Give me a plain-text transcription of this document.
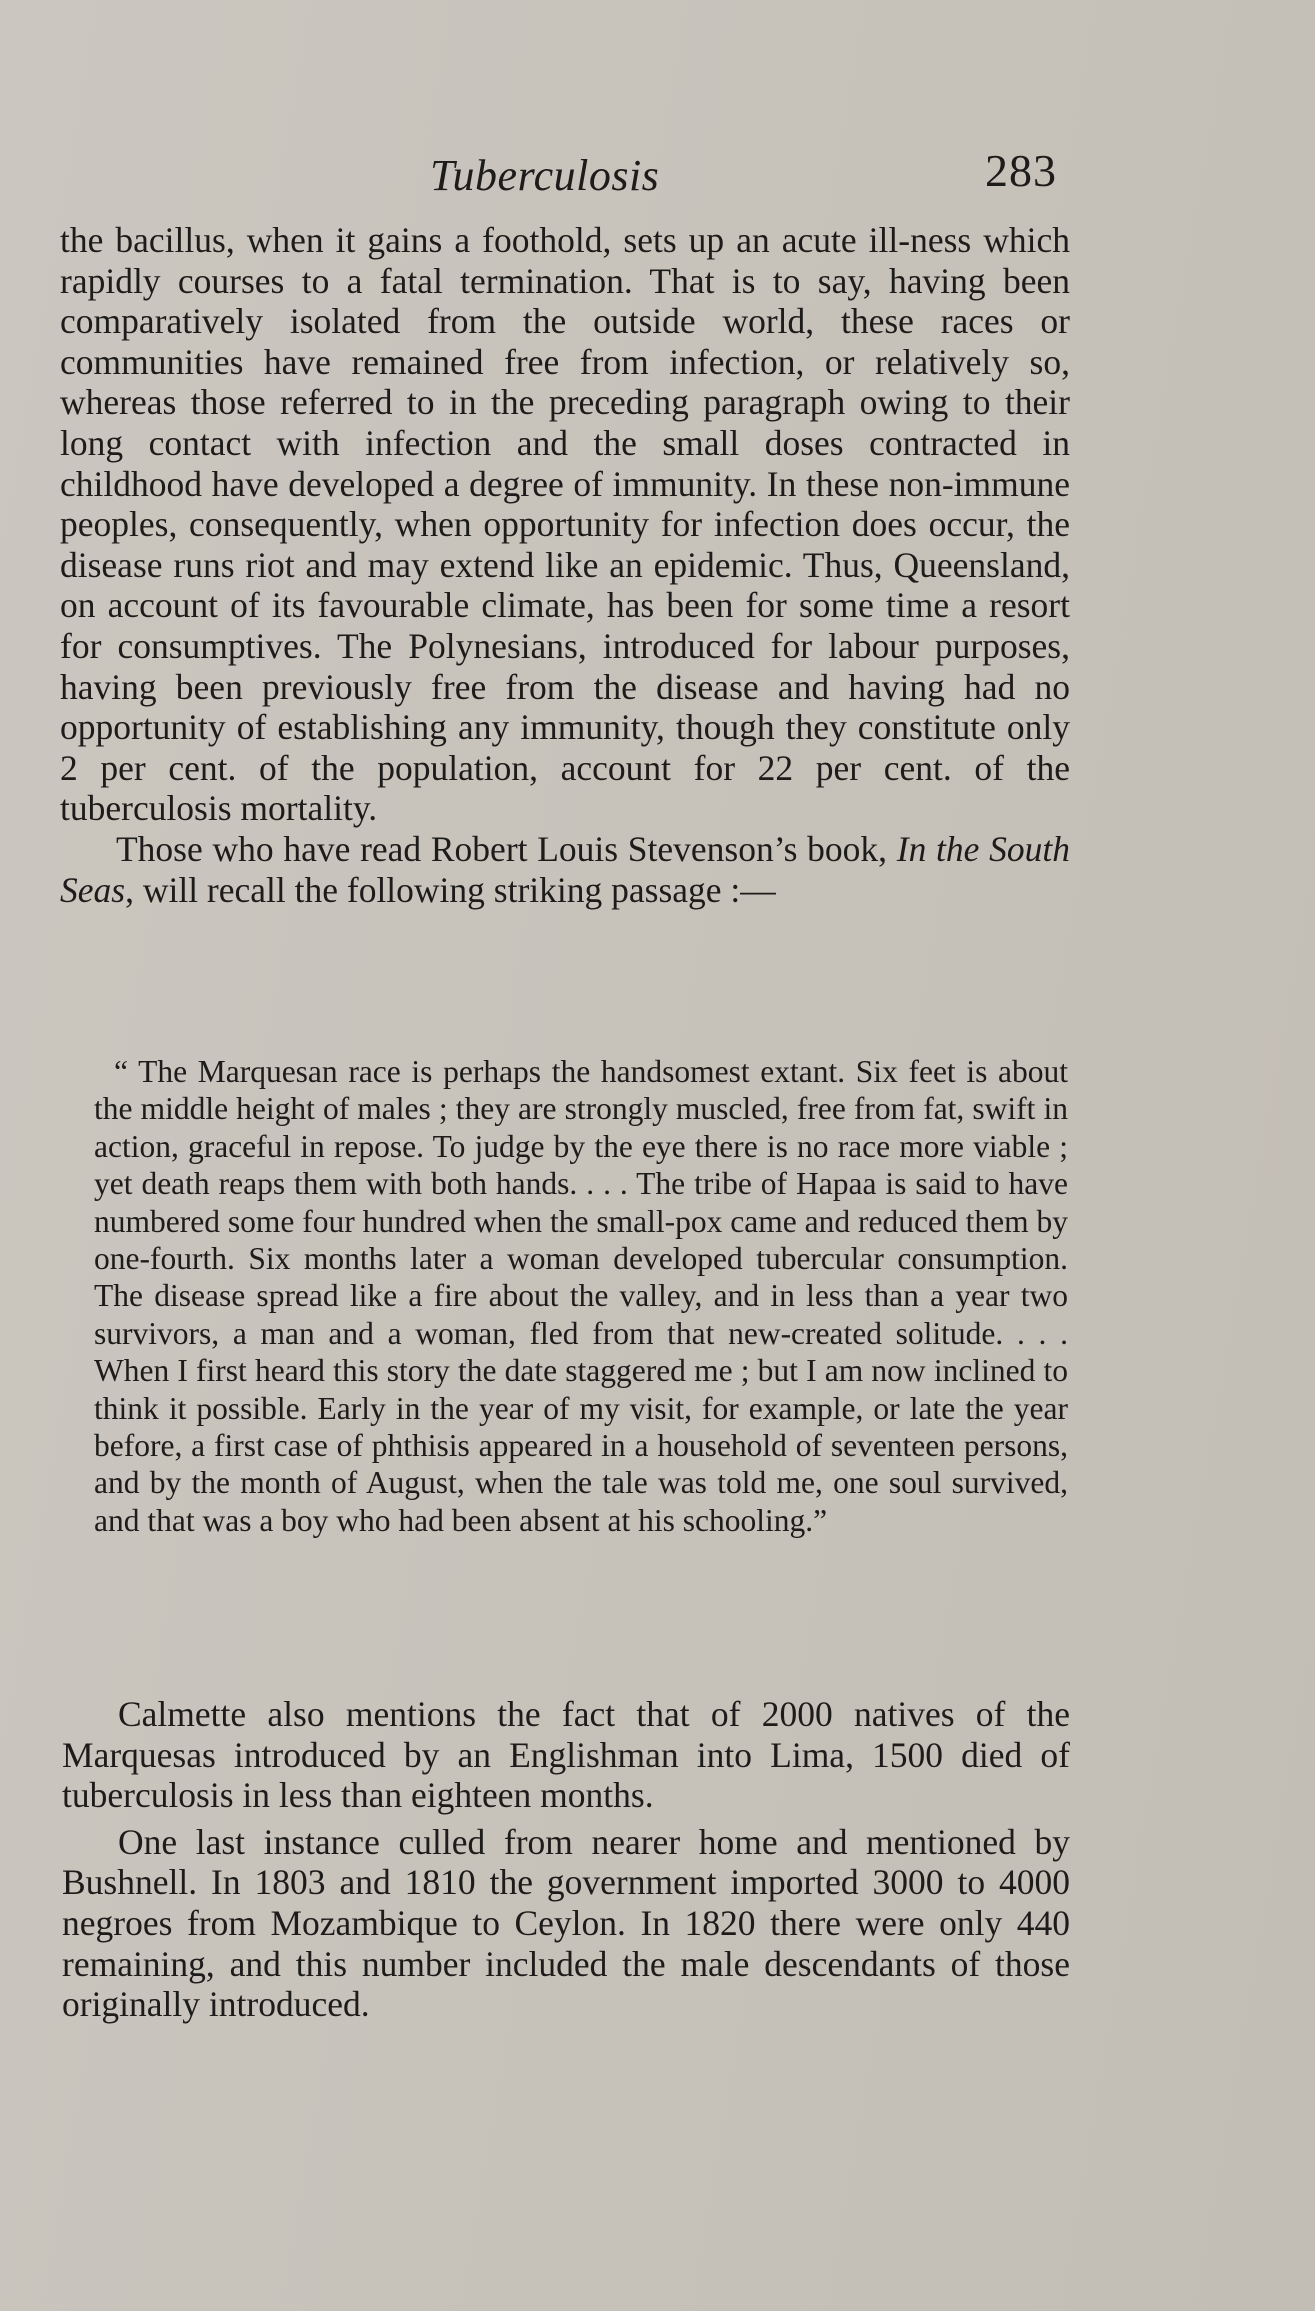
Tuberculosis	283

the bacillus, when it gains a foothold, sets up an acute ill-ness which rapidly courses to a fatal termination. That is to say, having been comparatively isolated from the outside world, these races or communities have remained free from infection, or relatively so, whereas those referred to in the preceding paragraph owing to their long contact with infection and the small doses contracted in childhood have developed a degree of immunity. In these non-immune peoples, consequently, when opportunity for infection does occur, the disease runs riot and may extend like an epidemic. Thus, Queensland, on account of its favourable climate, has been for some time a resort for consumptives. The Polynesians, introduced for labour purposes, having been previously free from the disease and having had no opportunity of establishing any immunity, though they constitute only 2 per cent. of the population, account for 22 per cent. of the tuberculosis mortality.

Those who have read Robert Louis Stevenson’s book, In the South Seas, will recall the following striking passage :—

“ The Marquesan race is perhaps the handsomest extant. Six feet is about the middle height of males ; they are strongly muscled, free from fat, swift in action, graceful in repose. To judge by the eye there is no race more viable ; yet death reaps them with both hands. . . . The tribe of Hapaa is said to have numbered some four hundred when the small-pox came and reduced them by one-fourth. Six months later a woman developed tubercular consumption. The disease spread like a fire about the valley, and in less than a year two survivors, a man and a woman, fled from that new-created solitude. . . . When I first heard this story the date staggered me ; but I am now inclined to think it possible. Early in the year of my visit, for example, or late the year before, a first case of phthisis appeared in a household of seventeen persons, and by the month of August, when the tale was told me, one soul survived, and that was a boy who had been absent at his schooling.”

Calmette also mentions the fact that of 2000 natives of the Marquesas introduced by an Englishman into Lima, 1500 died of tuberculosis in less than eighteen months.

One last instance culled from nearer home and mentioned by Bushnell. In 1803 and 1810 the government imported 3000 to 4000 negroes from Mozambique to Ceylon. In 1820 there were only 440 remaining, and this number included the male descendants of those originally introduced.
